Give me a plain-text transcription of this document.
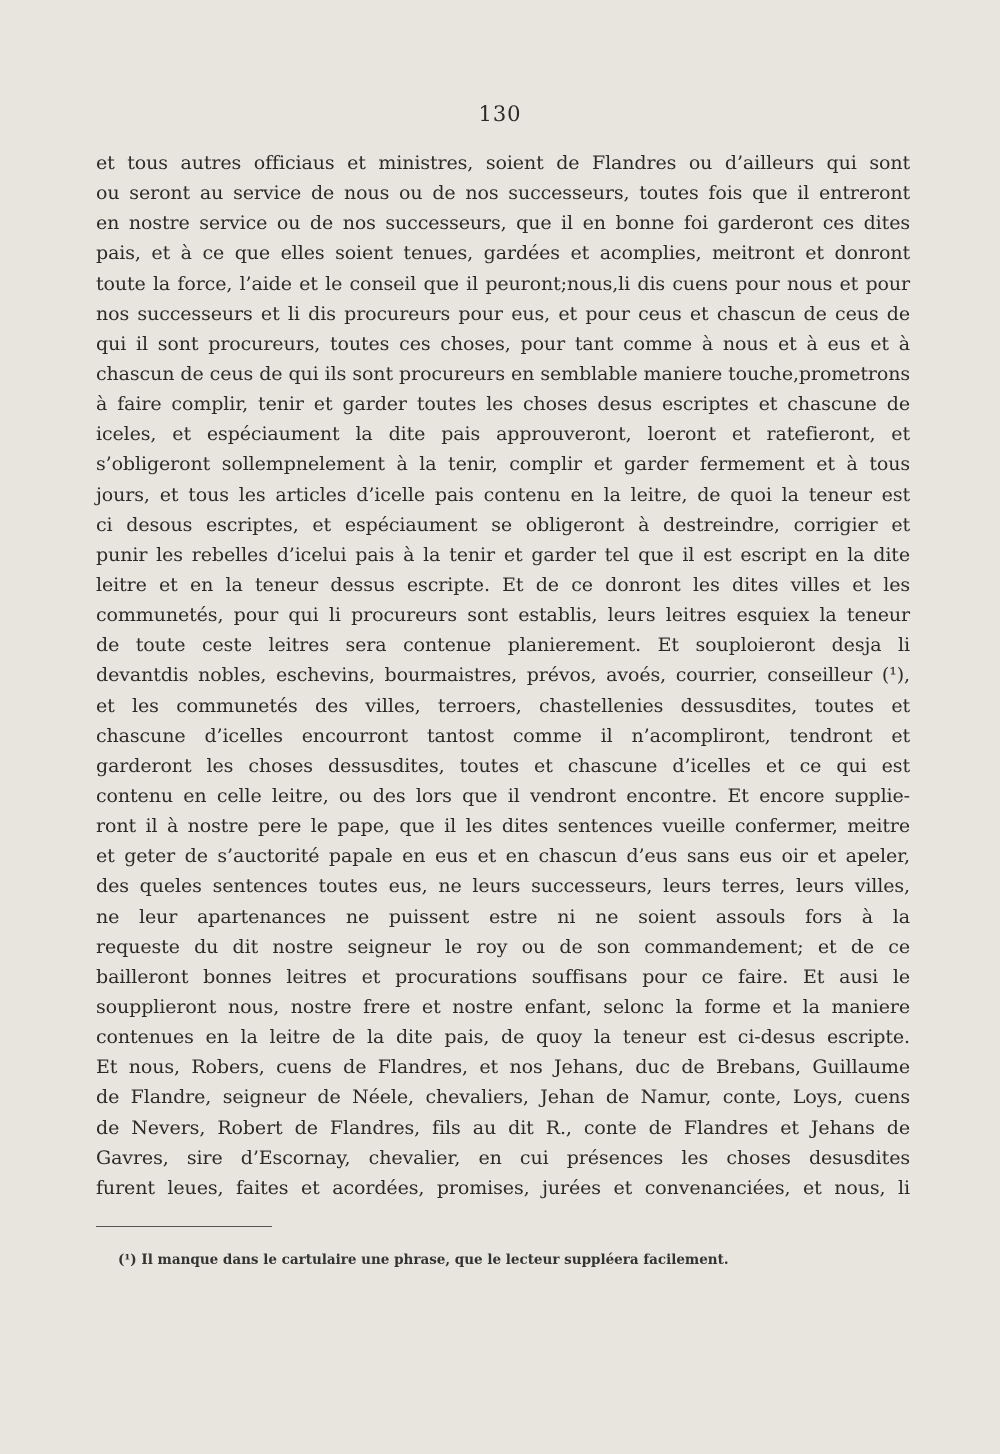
130
et tous autres officiaus et ministres, soient de Flandres ou d’ailleurs qui sont
ou seront au service de nous ou de nos successeurs, toutes fois que il entreront
en nostre service ou de nos successeurs, que il en bonne foi garderont ces dites
pais, et à ce que elles soient tenues, gardées et acomplies, meitront et donront
toute la force, l’aide et le conseil que il peuront;nous,li dis cuens pour nous et pour
nos successeurs et li dis procureurs pour eus, et pour ceus et chascun de ceus de
qui il sont procureurs, toutes ces choses, pour tant comme à nous et à eus et à
chascun de ceus de qui ils sont procureurs en semblable maniere touche,prometrons
à faire complir, tenir et garder toutes les choses desus escriptes et chascune de
iceles, et espéciaument la dite pais approuveront, loeront et ratefieront, et
s’obligeront sollempnelement à la tenir, complir et garder fermement et à tous
jours, et tous les articles d’icelle pais contenu en la leitre, de quoi la teneur est
ci desous escriptes, et espéciaument se obligeront à destreindre, corrigier et
punir les rebelles d’icelui pais à la tenir et garder tel que il est escript en la dite
leitre et en la teneur dessus escripte. Et de ce donront les dites villes et les
communetés, pour qui li procureurs sont establis, leurs leitres esquiex la teneur
de toute ceste leitres sera contenue planierement. Et souploieront desja li
devantdis nobles, eschevins, bourmaistres, prévos, avoés, courrier, conseilleur (¹),
et les communetés des villes, terroers, chastellenies dessusdites, toutes et
chascune d’icelles encourront tantost comme il n’acompliront, tendront et
garderont les choses dessusdites, toutes et chascune d’icelles et ce qui est
contenu en celle leitre, ou des lors que il vendront encontre. Et encore supplie-
ront il à nostre pere le pape, que il les dites sentences vueille confermer, meitre
et geter de s’auctorité papale en eus et en chascun d’eus sans eus oir et apeler,
des queles sentences toutes eus, ne leurs successeurs, leurs terres, leurs villes,
ne leur apartenances ne puissent estre ni ne soient assouls fors à la
requeste du dit nostre seigneur le roy ou de son commandement; et de ce
bailleront bonnes leitres et procurations souffisans pour ce faire. Et ausi le
soupplieront nous, nostre frere et nostre enfant, selonc la forme et la maniere
contenues en la leitre de la dite pais, de quoy la teneur est ci-desus escripte.
Et nous, Robers, cuens de Flandres, et nos Jehans, duc de Brebans, Guillaume
de Flandre, seigneur de Néele, chevaliers, Jehan de Namur, conte, Loys, cuens
de Nevers, Robert de Flandres, fils au dit R., conte de Flandres et Jehans de
Gavres, sire d’Escornay, chevalier, en cui présences les choses desusdites
furent leues, faites et acordées, promises, jurées et convenanciées, et nous, li
(¹) Il manque dans le cartulaire une phrase, que le lecteur suppléera facilement.
